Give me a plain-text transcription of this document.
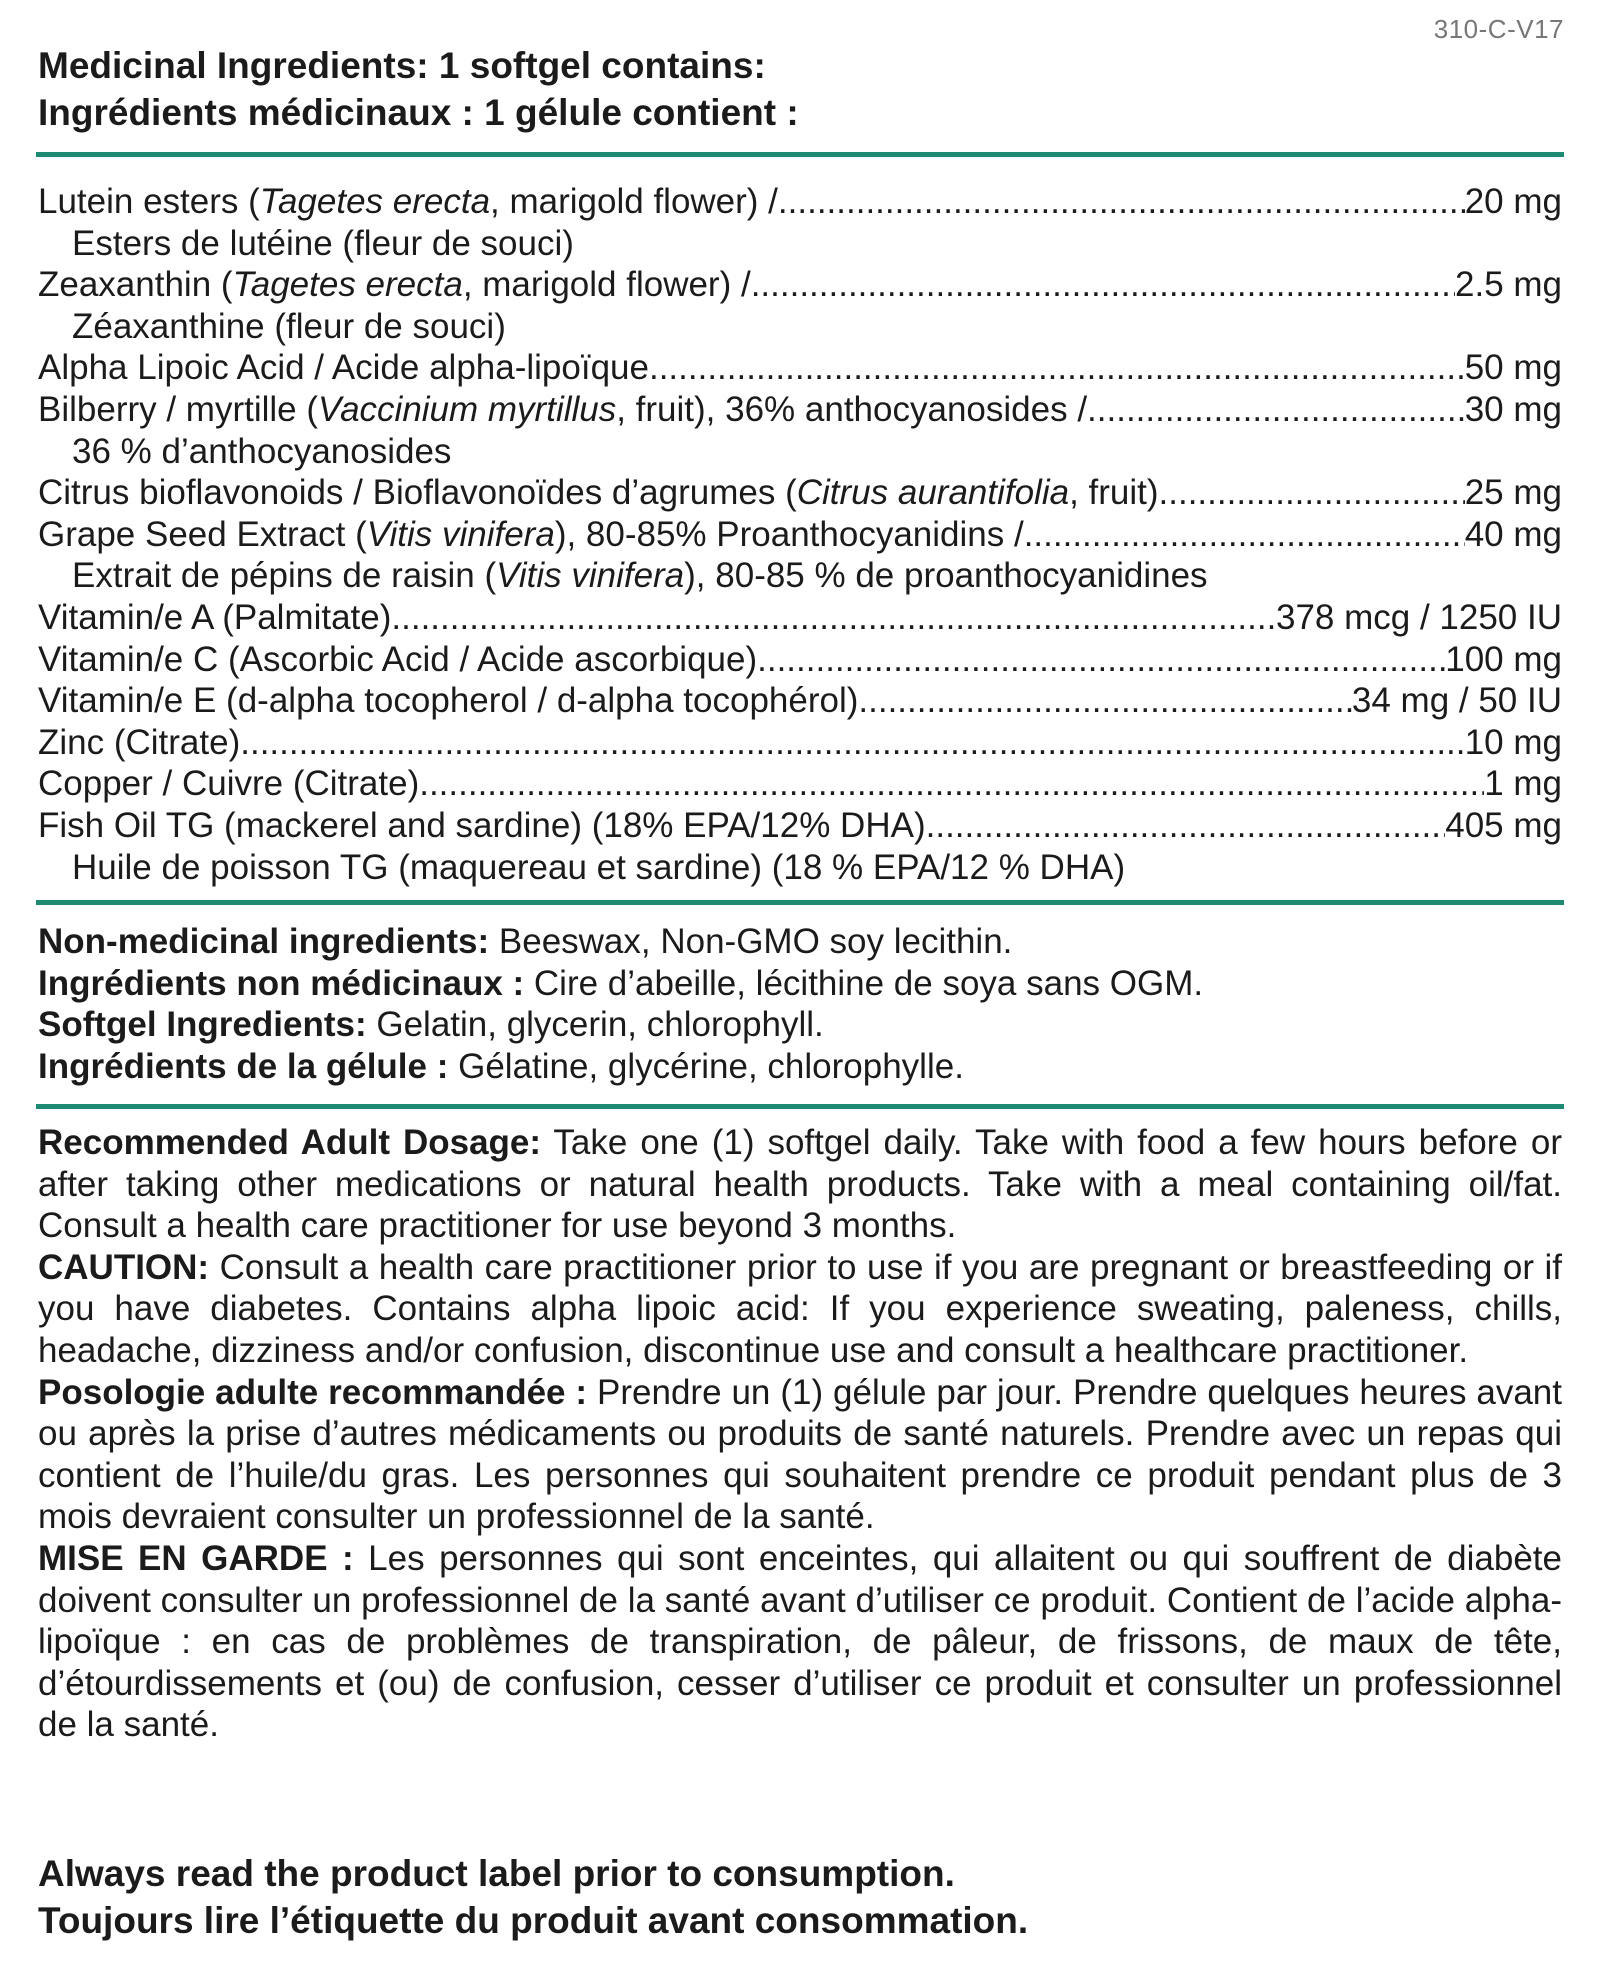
310-C-V17
Medicinal Ingredients: 1 softgel contains:
Ingrédients médicinaux : 1 gélule contient :
Lutein esters (Tagetes erecta, marigold flower) / .....	20 mg
Esters de lutéine (fleur de souci)
Zeaxanthin (Tagetes erecta, marigold flower) / .....	2.5 mg
Zéaxanthine (fleur de souci)
Alpha Lipoic Acid / Acide alpha-lipoïque .....	50 mg
Bilberry / myrtille (Vaccinium myrtillus, fruit), 36% anthocyanosides / .....	30 mg
36 % d’anthocyanosides
Citrus bioflavonoids / Bioflavonoïdes d’agrumes (Citrus aurantifolia, fruit) .....	25 mg
Grape Seed Extract (Vitis vinifera), 80-85% Proanthocyanidins / .....	40 mg
Extrait de pépins de raisin (Vitis vinifera), 80-85 % de proanthocyanidines
Vitamin/e A (Palmitate) .....	378 mcg / 1250 IU
Vitamin/e C (Ascorbic Acid / Acide ascorbique) .....	100 mg
Vitamin/e E (d-alpha tocopherol / d-alpha tocophérol) .....	34 mg / 50 IU
Zinc (Citrate) .....	10 mg
Copper / Cuivre (Citrate) .....	1 mg
Fish Oil TG (mackerel and sardine) (18% EPA/12% DHA) .....	405 mg
Huile de poisson TG (maquereau et sardine) (18 % EPA/12 % DHA)

Non-medicinal ingredients: Beeswax, Non-GMO soy lecithin.

Ingrédients non médicinaux : Cire d’abeille, lécithine de soya sans OGM.

Softgel Ingredients: Gelatin, glycerin, chlorophyll.

Ingrédients de la gélule : Gélatine, glycérine, chlorophylle.

Recommended Adult Dosage: Take one (1) softgel daily. Take with food a few hours before or after taking other medications or natural health products. Take with a meal containing oil/fat. Consult a health care practitioner for use beyond 3 months.

CAUTION: Consult a health care practitioner prior to use if you are pregnant or breastfeeding or if you have diabetes. Contains alpha lipoic acid: If you experience sweating, paleness, chills, headache, dizziness and/or confusion, discontinue use and consult a healthcare practitioner.

Posologie adulte recommandée : Prendre un (1) gélule par jour. Prendre quelques heures avant ou après la prise d’autres médicaments ou produits de santé naturels. Prendre avec un repas qui contient de l’huile/du gras. Les personnes qui souhaitent prendre ce produit pendant plus de 3 mois devraient consulter un professionnel de la santé.

MISE EN GARDE : Les personnes qui sont enceintes, qui allaitent ou qui souffrent de diabète doivent consulter un professionnel de la santé avant d’utiliser ce produit. Contient de l’acide alpha-lipoïque : en cas de problèmes de transpiration, de pâleur, de frissons, de maux de tête, d’étourdissements et (ou) de confusion, cesser d’utiliser ce produit et consulter un professionnel de la santé.

Always read the product label prior to consumption.
Toujours lire l’étiquette du produit avant consommation.
